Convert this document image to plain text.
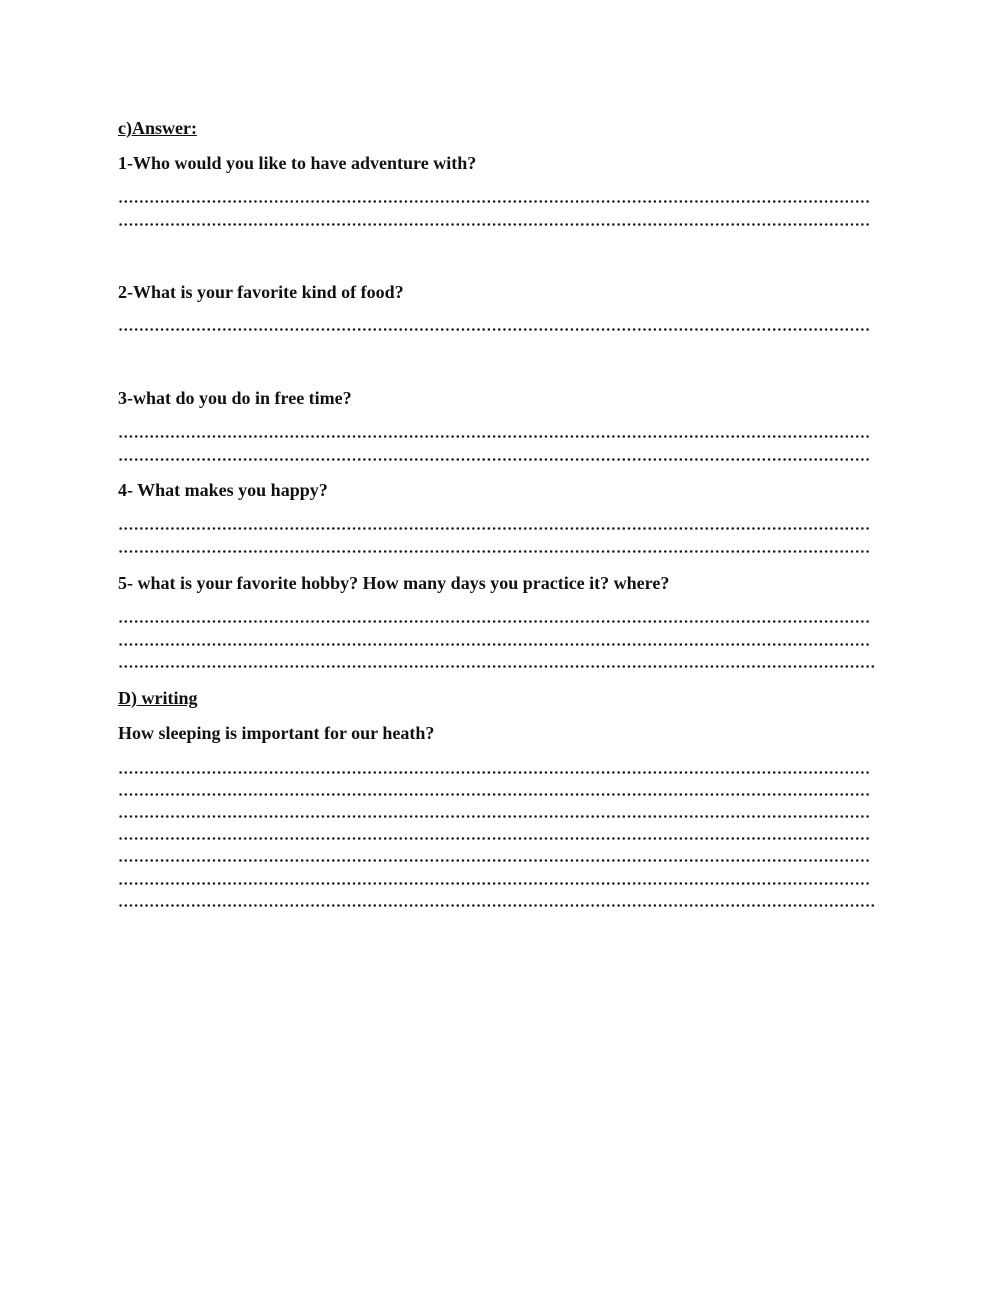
c)Answer:
1-Who would you like to have adventure with?
2-What is your favorite kind of food?
3-what do you do in free time?
4- What makes you happy?
5- what is your favorite hobby? How many days you practice it? where?
D) writing
How sleeping is important for our heath?
